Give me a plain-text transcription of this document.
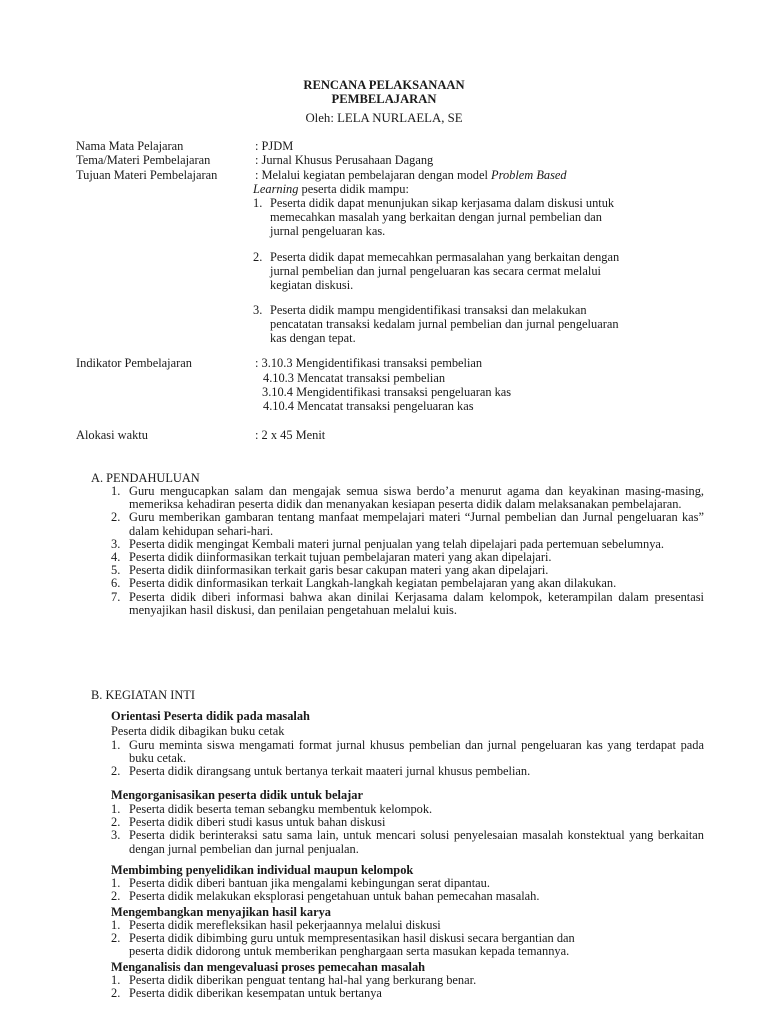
RENCANA PELAKSANAAN
PEMBELAJARAN
Oleh: LELA NURLAELA, SE
Nama Mata Pelajaran	: PJDM
Tema/Materi Pembelajaran	: Jurnal Khusus Perusahaan Dagang
Tujuan Materi Pembelajaran	: Melalui kegiatan pembelajaran dengan model Problem Based
Learning peserta didik mampu:
1. Peserta didik dapat menunjukan sikap kerjasama dalam diskusi untuk
memecahkan masalah yang berkaitan dengan jurnal pembelian dan
jurnal pengeluaran kas.
2. Peserta didik dapat memecahkan permasalahan yang berkaitan dengan
jurnal pembelian dan jurnal pengeluaran kas secara cermat melalui
kegiatan diskusi.
3. Peserta didik mampu mengidentifikasi transaksi dan melakukan
pencatatan transaksi kedalam jurnal pembelian dan jurnal pengeluaran
kas dengan tepat.
Indikator Pembelajaran	: 3.10.3 Mengidentifikasi transaksi pembelian
4.10.3 Mencatat transaksi pembelian
3.10.4 Mengidentifikasi transaksi pengeluaran kas
4.10.4 Mencatat transaksi pengeluaran kas
Alokasi waktu	: 2 x 45 Menit
A. PENDAHULUAN
1. Guru mengucapkan salam dan mengajak semua siswa berdo’a menurut agama dan keyakinan masing-masing, memeriksa kehadiran peserta didik dan menanyakan kesiapan peserta didik dalam melaksanakan pembelajaran.
2. Guru memberikan gambaran tentang manfaat mempelajari materi “Jurnal pembelian dan Jurnal pengeluaran kas” dalam kehidupan sehari-hari.
3. Peserta didik mengingat Kembali materi jurnal penjualan yang telah dipelajari pada pertemuan sebelumnya.
4. Peserta didik diinformasikan terkait tujuan pembelajaran materi yang akan dipelajari.
5. Peserta didik diinformasikan terkait garis besar cakupan materi yang akan dipelajari.
6. Peserta didik dinformasikan terkait Langkah-langkah kegiatan pembelajaran yang akan dilakukan.
7. Peserta didik diberi informasi bahwa akan dinilai Kerjasama dalam kelompok, keterampilan dalam presentasi menyajikan hasil diskusi, dan penilaian pengetahuan melalui kuis.
B. KEGIATAN INTI
Orientasi Peserta didik pada masalah
Peserta didik dibagikan buku cetak
1. Guru meminta siswa mengamati format jurnal khusus pembelian dan jurnal pengeluaran kas yang terdapat pada buku cetak.
2. Peserta didik dirangsang untuk bertanya terkait maateri jurnal khusus pembelian.
Mengorganisasikan peserta didik untuk belajar
1. Peserta didik beserta teman sebangku membentuk kelompok.
2. Peserta didik diberi studi kasus untuk bahan diskusi
3. Peserta didik berinteraksi satu sama lain, untuk mencari solusi penyelesaian masalah konstektual yang berkaitan dengan jurnal pembelian dan jurnal penjualan.
Membimbing penyelidikan individual maupun kelompok
1. Peserta didik diberi bantuan jika mengalami kebingungan serat dipantau.
2. Peserta didik melakukan eksplorasi pengetahuan untuk bahan pemecahan masalah.
Mengembangkan menyajikan hasil karya
1. Peserta didik merefleksikan hasil pekerjaannya melalui diskusi
2. Peserta didik dibimbing guru untuk mempresentasikan hasil diskusi secara bergantian dan
peserta didik didorong untuk memberikan penghargaan serta masukan kepada temannya.
Menganalisis dan mengevaluasi proses pemecahan masalah
1. Peserta didik diberikan penguat tentang hal-hal yang berkurang benar.
2. Peserta didik diberikan kesempatan untuk bertanya
